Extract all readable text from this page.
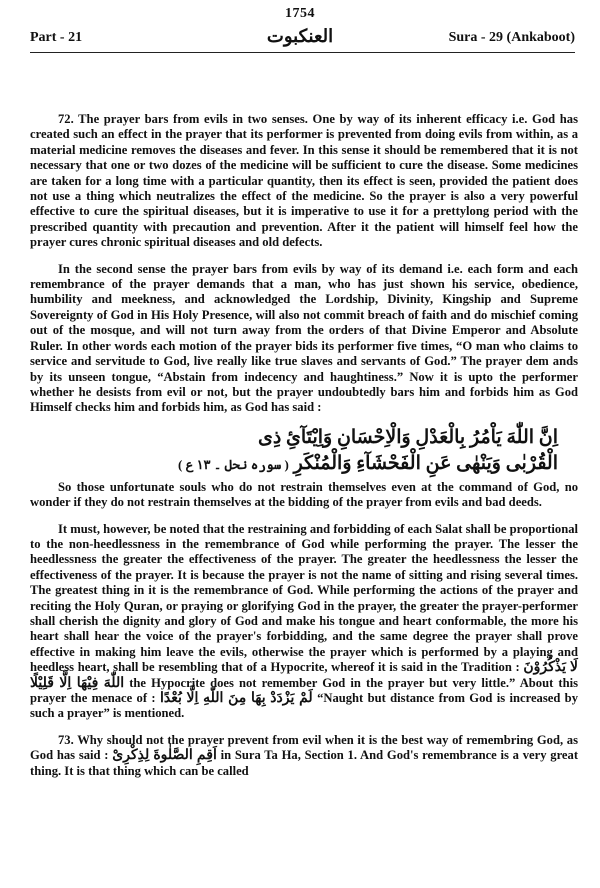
1754
Part - 21	العنكبوت	Sura - 29 (Ankaboot)

72. The prayer bars from evils in two senses. One by way of its inherent efficacy i.e. God has created such an effect in the prayer that its performer is prevented from doing evils from within, as a material medicine removes the diseases and fever. In this sense it should be remembered that it is not necessary that one or two dozes of the medicine will be sufficient to cure the disease. Some medicines are taken for a long time with a particular quantity, then its effect is seen, provided the patient does not use a thing which neutralizes the effect of the medicine. So the prayer is also a very powerful effective to cure the spiritual diseases, but it is imperative to use it for a prettylong period with the prescribed quantity with precaution and prevention. After it the patient will himself feel how the prayer cures chronic spiritual diseases and old defects.

In the second sense the prayer bars from evils by way of its demand i.e. each form and each remembrance of the prayer demands that a man, who has just shown his service, obedience, humbility and meekness, and acknowledged the Lordship, Divinity, Kingship and Supreme Sovereignty of God in His Holy Presence, will also not commit breach of faith and do mischief coming out of the mosque, and will not turn away from the orders of that Divine Emperor and Absolute Ruler. In other words each motion of the prayer bids its performer five times, “O man who claims to service and servitude to God, live really like true slaves and servants of God.” The prayer dem ands by its unseen tongue, “Abstain from indecency and haughtiness.” Now it is upto the performer whether he desists from evil or not, but the prayer undoubtedly bars him and forbids him as God Himself checks him and forbids him, as God has said :

اِنَّ اللّٰهَ يَاْمُرُ بِالْعَدْلِ وَالْاِحْسَانِ وَاِيْتَآئِ ذِى
الْقُرْبٰى وَيَنْهٰى عَنِ الْفَحْشَآءِ وَالْمُنْكَرِ ( سورہ نحل ۔ ۱۳ ع )

So those unfortunate souls who do not restrain themselves even at the command of God, no wonder if they do not restrain themselves at the bidding of the prayer from evils and bad deeds.

It must, however, be noted that the restraining and forbidding of each Salat shall be proportional to the non-heedlessness in the remembrance of God while performing the prayer. The lesser the heedlessness the greater the effectiveness of the prayer. The greater the heedlessness the lesser the effectiveness of the prayer. It is because the prayer is not the name of sitting and rising several times. The greatest thing in it is the remembrance of God. While performing the actions of the prayer and reciting the Holy Quran, or praying or glorifying God in the prayer, the greater the prayer-performer shall cherish the dignity and glory of God and make his tongue and heart conformable, the more his heart shall hear the voice of the prayer's forbidding, and the same degree the prayer shall prove effective in making him leave the evils, otherwise the prayer which is performed by a playing and heedless heart, shall be resembling that of a Hypocrite, whereof it is said in the Tradition : لَا يَذْكُرُوْنَ اللّٰهَ فِيْهَا اِلَّا قَلِيْلًا the Hypocrite does not remember God in the prayer but very little.” About this prayer the menace of : لَمْ يَزْدَدْ بِهَا مِنَ اللّٰهِ اِلَّا بُعْدًا “Naught but distance from God is increased by such a prayer” is mentioned.

73. Why should not the prayer prevent from evil when it is the best way of remembring God, as God has said : اَقِمِ الصَّلٰوةَ لِذِكْرِىْ in Sura Ta Ha, Section 1. And God's remembrance is a very great thing. It is that thing which can be called
